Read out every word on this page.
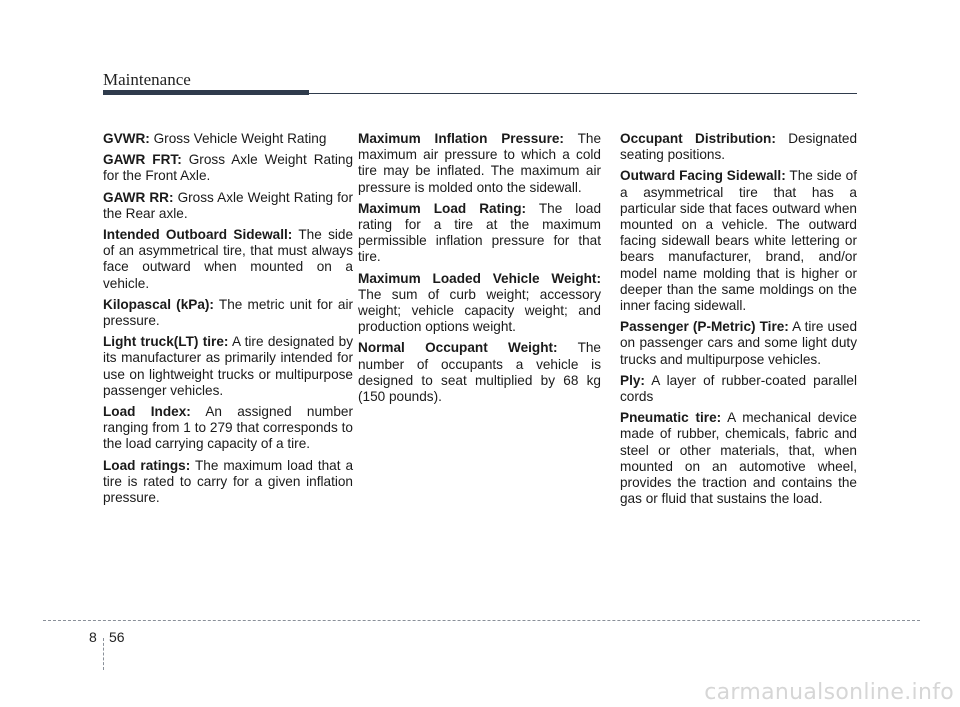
Maintenance

GVWR: Gross Vehicle Weight Rating

GAWR FRT: Gross Axle Weight Rating for the Front Axle.

GAWR RR: Gross Axle Weight Rating for the Rear axle.

Intended Outboard Sidewall: The side of an asymmetrical tire, that must always face outward when mounted on a vehicle.

Kilopascal (kPa): The metric unit for air pressure.

Light truck(LT) tire: A tire designated by its manufacturer as primarily intended for use on lightweight trucks or multipurpose passenger vehicles.

Load Index: An assigned number ranging from 1 to 279 that corresponds to the load carrying capacity of a tire.

Load ratings: The maximum load that a tire is rated to carry for a given inflation pressure.

Maximum Inflation Pressure: The maximum air pressure to which a cold tire may be inflated. The maximum air pressure is molded onto the sidewall.

Maximum Load Rating: The load rating for a tire at the maximum permissible inflation pressure for that tire.

Maximum Loaded Vehicle Weight: The sum of curb weight; accessory weight; vehicle capacity weight; and production options weight.

Normal Occupant Weight: The number of occupants a vehicle is designed to seat multiplied by 68 kg (150 pounds).

Occupant Distribution: Designated seating positions.

Outward Facing Sidewall: The side of a asymmetrical tire that has a particular side that faces outward when mounted on a vehicle. The outward facing sidewall bears white lettering or bears manufacturer, brand, and/or model name molding that is higher or deeper than the same moldings on the inner facing sidewall.

Passenger (P-Metric) Tire: A tire used on passenger cars and some light duty trucks and multipurpose vehicles.

Ply: A layer of rubber-coated parallel cords

Pneumatic tire: A mechanical device made of rubber, chemicals, fabric and steel or other materials, that, when mounted on an automotive wheel, provides the traction and contains the gas or fluid that sustains the load.

8 56
carmanualsonline.info
